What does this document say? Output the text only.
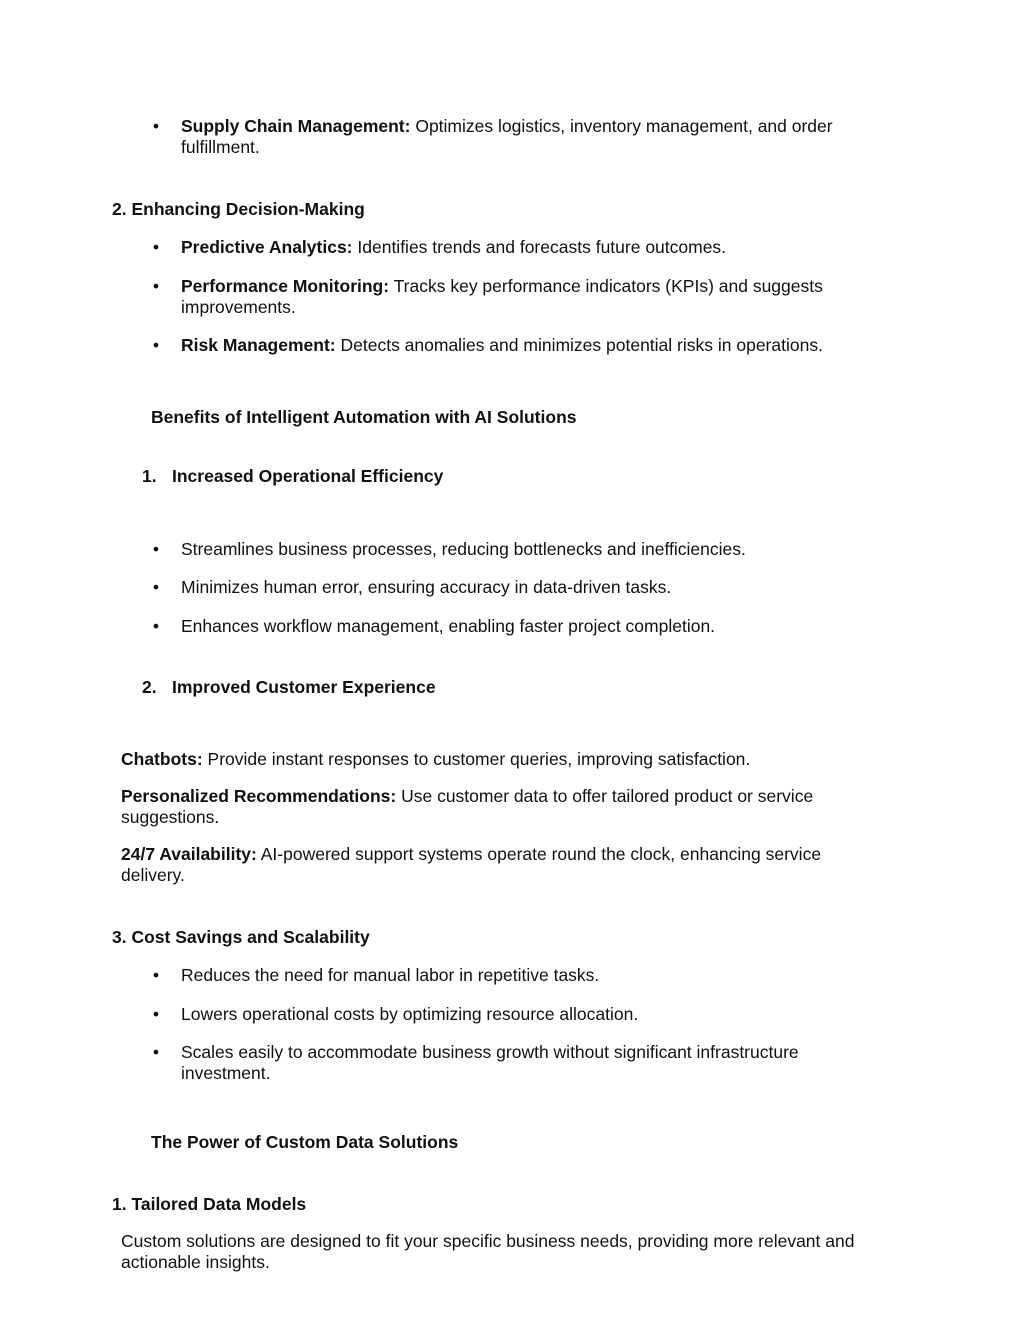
• Supply Chain Management: Optimizes logistics, inventory management, and order
fulfillment.
2. Enhancing Decision-Making
• Predictive Analytics: Identifies trends and forecasts future outcomes.
• Performance Monitoring: Tracks key performance indicators (KPIs) and suggests
improvements.
• Risk Management: Detects anomalies and minimizes potential risks in operations.
Benefits of Intelligent Automation with AI Solutions
1. Increased Operational Efficiency
• Streamlines business processes, reducing bottlenecks and inefficiencies.
• Minimizes human error, ensuring accuracy in data-driven tasks.
• Enhances workflow management, enabling faster project completion.
2. Improved Customer Experience
Chatbots: Provide instant responses to customer queries, improving satisfaction.
Personalized Recommendations: Use customer data to offer tailored product or service
suggestions.
24/7 Availability: AI-powered support systems operate round the clock, enhancing service
delivery.
3. Cost Savings and Scalability
• Reduces the need for manual labor in repetitive tasks.
• Lowers operational costs by optimizing resource allocation.
• Scales easily to accommodate business growth without significant infrastructure
investment.
The Power of Custom Data Solutions
1. Tailored Data Models
Custom solutions are designed to fit your specific business needs, providing more relevant and
actionable insights.
